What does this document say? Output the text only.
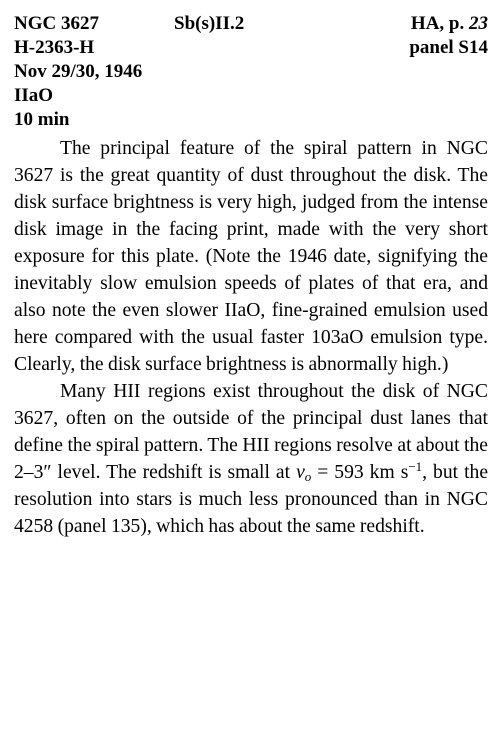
NGC 3627	Sb(s)II.2	HA, p. 23
H-2363-H	panel S14
Nov 29/30, 1946
IIaO
10 min

The principal feature of the spiral pattern in NGC 3627 is the great quantity of dust throughout the disk. The disk surface brightness is very high, judged from the intense disk image in the facing print, made with the very short exposure for this plate. (Note the 1946 date, signifying the inevitably slow emulsion speeds of plates of that era, and also note the even slower IIaO, fine-grained emulsion used here compared with the usual faster 103aO emulsion type. Clearly, the disk surface brightness is abnormally high.)

Many HII regions exist throughout the disk of NGC 3627, often on the outside of the principal dust lanes that define the spiral pattern. The HII regions resolve at about the 2–3″ level. The redshift is small at $v_o = 593$ km $s^{-1}$, but the resolution into stars is much less pronounced than in NGC 4258 (panel 135), which has about the same redshift.
